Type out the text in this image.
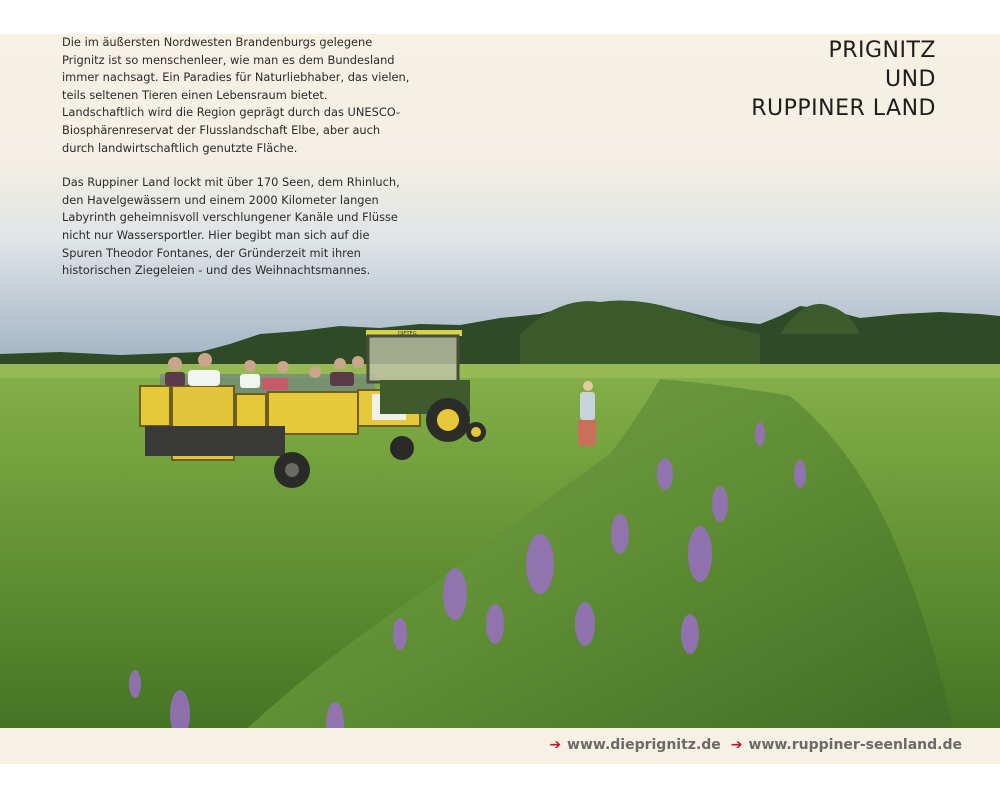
DIETEG

Die im äußersten Nordwesten Brandenburgs gelegene Prignitz ist so menschenleer, wie man es dem Bundesland immer nachsagt. Ein Paradies für Naturliebhaber, das vielen, teils seltenen Tieren einen Lebensraum bietet. Landschaftlich wird die Region geprägt durch das UNESCO-Biosphärenreservat der Flusslandschaft Elbe, aber auch durch landwirtschaftlich genutzte Fläche.

Das Ruppiner Land lockt mit über 170 Seen, dem Rhinluch, den Havelgewässern und einem 2000 Kilometer langen Labyrinth geheimnisvoll verschlungener Kanäle und Flüsse nicht nur Wassersportler. Hier begibt man sich auf die Spuren Theodor Fontanes, der Gründerzeit mit ihren historischen Ziegeleien - und des Weihnachtsmannes.

PRIGNITZ
UND
RUPPINER LAND
➔ www.dieprignitz.de ➔ www.ruppiner-seenland.de
